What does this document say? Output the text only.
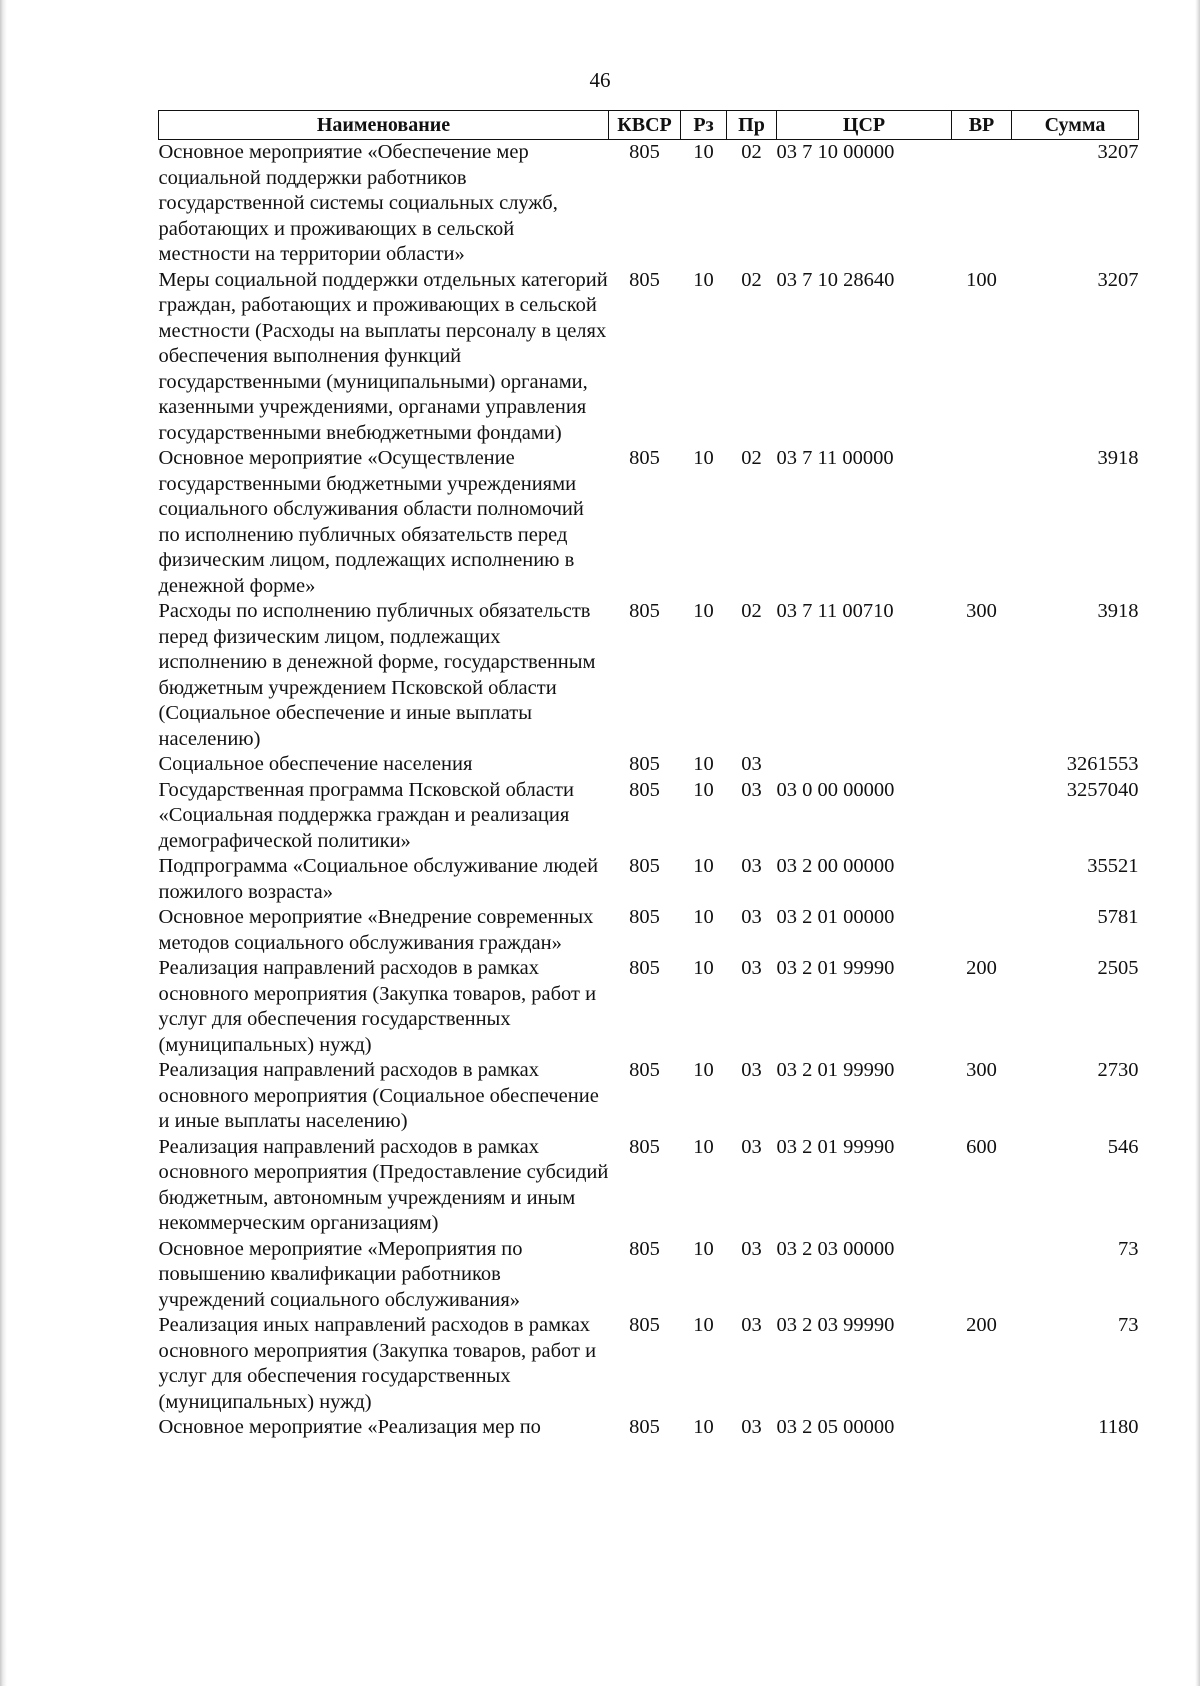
46
Наименование	КВСР	Рз	Пр	ЦСР	ВР	Сумма
Основное мероприятие «Обеспечение мер социальной поддержки работников государственной системы социальных служб, работающих и проживающих в сельской местности на территории области»	805	10	02	03 7 10 00000		3207
Меры социальной поддержки отдельных категорий граждан, работающих и проживающих в сельской местности (Расходы на выплаты персоналу в целях обеспечения выполнения функций государственными (муниципальными) органами, казенными учреждениями, органами управления государственными внебюджетными фондами)	805	10	02	03 7 10 28640	100	3207
Основное мероприятие «Осуществление государственными бюджетными учреждениями социального обслуживания области полномочий по исполнению публичных обязательств перед физическим лицом, подлежащих исполнению в денежной форме»	805	10	02	03 7 11 00000		3918
Расходы по исполнению публичных обязательств перед физическим лицом, подлежащих исполнению в денежной форме, государственным бюджетным учреждением Псковской области (Социальное обеспечение и иные выплаты населению)	805	10	02	03 7 11 00710	300	3918
Социальное обеспечение населения	805	10	03			3261553
Государственная программа Псковской области «Социальная поддержка граждан и реализация демографической политики»	805	10	03	03 0 00 00000		3257040
Подпрограмма «Социальное обслуживание людей пожилого возраста»	805	10	03	03 2 00 00000		35521
Основное мероприятие «Внедрение современных методов социального обслуживания граждан»	805	10	03	03 2 01 00000		5781
Реализация направлений расходов в рамках основного мероприятия (Закупка товаров, работ и услуг для обеспечения государственных (муниципальных) нужд)	805	10	03	03 2 01 99990	200	2505
Реализация направлений расходов в рамках основного мероприятия (Социальное обеспечение и иные выплаты населению)	805	10	03	03 2 01 99990	300	2730
Реализация направлений расходов в рамках основного мероприятия (Предоставление субсидий бюджетным, автономным учреждениям и иным некоммерческим организациям)	805	10	03	03 2 01 99990	600	546
Основное мероприятие «Мероприятия по повышению квалификации работников учреждений социального обслуживания»	805	10	03	03 2 03 00000		73
Реализация иных направлений расходов в рамках основного мероприятия (Закупка товаров, работ и услуг для обеспечения государственных (муниципальных) нужд)	805	10	03	03 2 03 99990	200	73
Основное мероприятие «Реализация мер по	805	10	03	03 2 05 00000		1180
